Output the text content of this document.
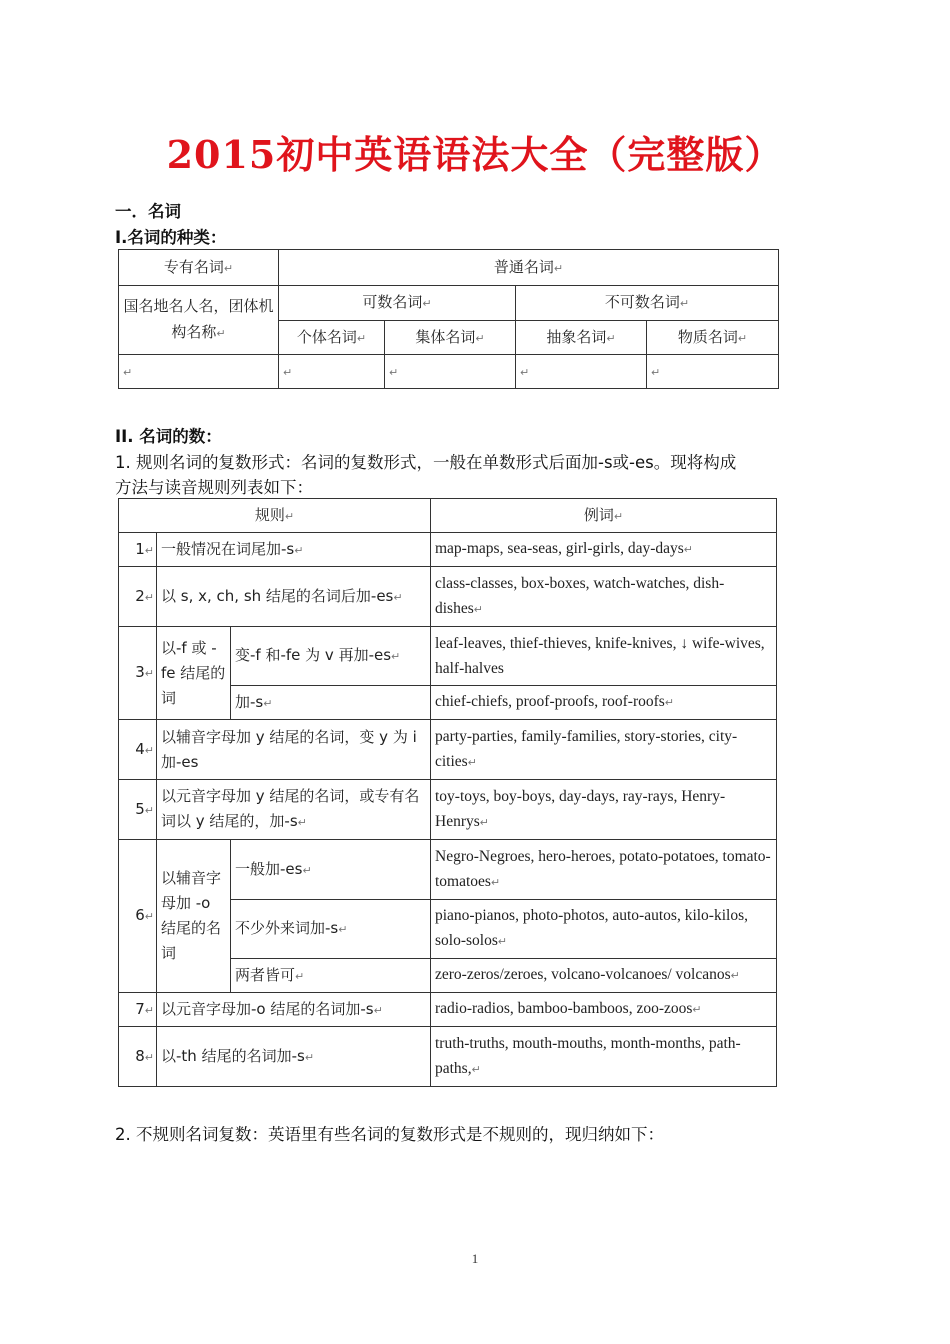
2015初中英语语法大全（完整版）
一．名词
I.名词的种类：
专有名词↵	普通名词↵			
国名地名人名，团体机构名称↵	可数名词↵		不可数名词↵	
	个体名词↵	集体名词↵	抽象名词↵	物质名词↵
↵	↵	↵	↵	↵
II. 名词的数：
1. 规则名词的复数形式：名词的复数形式，一般在单数形式后面加-s或-es。现将构成
方法与读音规则列表如下：
规则↵			例词↵
1↵	一般情况在词尾加-s↵		map-maps, sea-seas, girl-girls, day-days↵
2↵	以 s, x, ch, sh 结尾的名词后加-es↵		class-classes, box-boxes, watch-watches, dish-dishes↵
3↵	以-f 或 -fe 结尾的词	变-f 和-fe 为 v 再加-es↵	leaf-leaves, thief-thieves, knife-knives, ↓ wife-wives, half-halves
		加-s↵	chief-chiefs, proof-proofs, roof-roofs↵
4↵	以辅音字母加 y 结尾的名词，变 y 为 i 加-es		party-parties, family-families, story-stories, city-cities↵
5↵	以元音字母加 y 结尾的名词，或专有名词以 y 结尾的，加-s↵		toy-toys, boy-boys, day-days, ray-rays, Henry-Henrys↵
6↵	以辅音字母加 -o 结尾的名词	一般加-es↵	Negro-Negroes, hero-heroes, potato-potatoes, tomato-tomatoes↵
		不少外来词加-s↵	piano-pianos, photo-photos, auto-autos, kilo-kilos, solo-solos↵
		两者皆可↵	zero-zeros/zeroes, volcano-volcanoes/ volcanos↵
7↵	以元音字母加-o 结尾的名词加-s↵		radio-radios, bamboo-bamboos, zoo-zoos↵
8↵	以-th 结尾的名词加-s↵		truth-truths, mouth-mouths, month-months, path-paths,↵
2. 不规则名词复数：英语里有些名词的复数形式是不规则的，现归纳如下：
1
